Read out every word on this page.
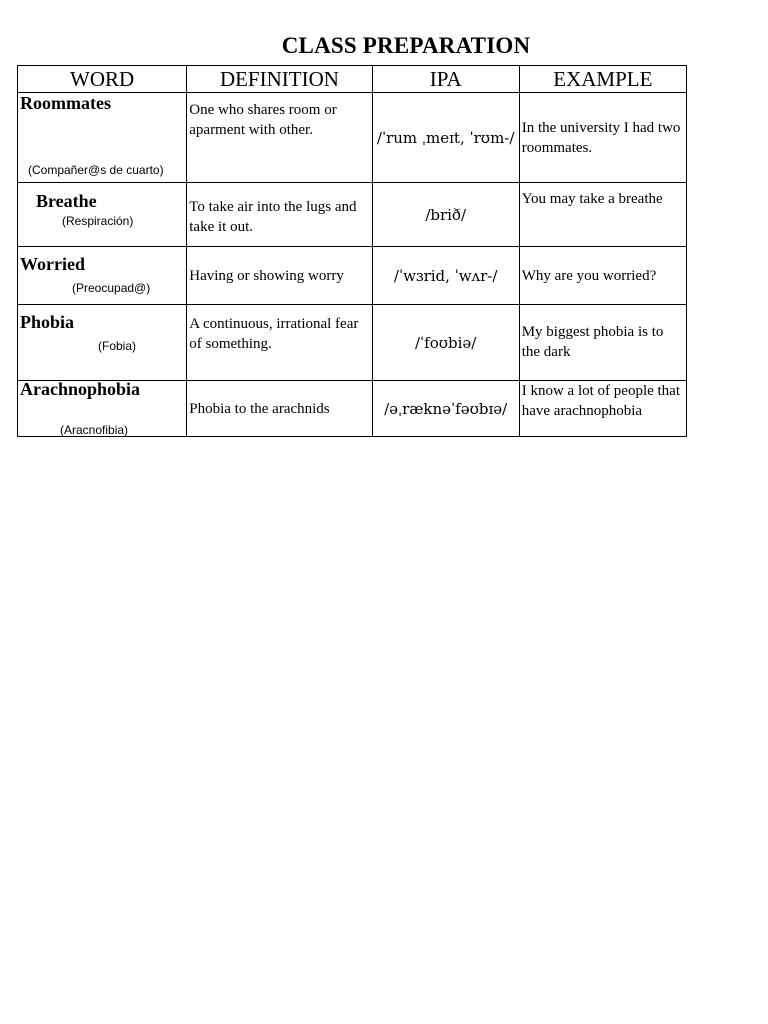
CLASS PREPARATION
WORD	DEFINITION	IPA	EXAMPLE

Roommates
(Compañer@s de cuarto)	One who shares room or aparment with other.	/ˈrum ˌmeɪt, ˈrʊm-/	In the university I had two roommates.

Breathe
(Respiración)	To take air into the lugs and take it out.	/brið/	You may take a breathe

Worried
(Preocupad@)	Having or showing worry	/ˈwɜrid, ˈwʌr-/	Why are you worried?

Phobia
(Fobia)	A continuous, irrational fear of something.	/ˈfoʊbiə/	My biggest phobia is to the dark

Arachnophobia
(Aracnofibia)	Phobia to the arachnids	/əˌræknəˈfəʊbɪə/	I know a lot of people that have arachnophobia
